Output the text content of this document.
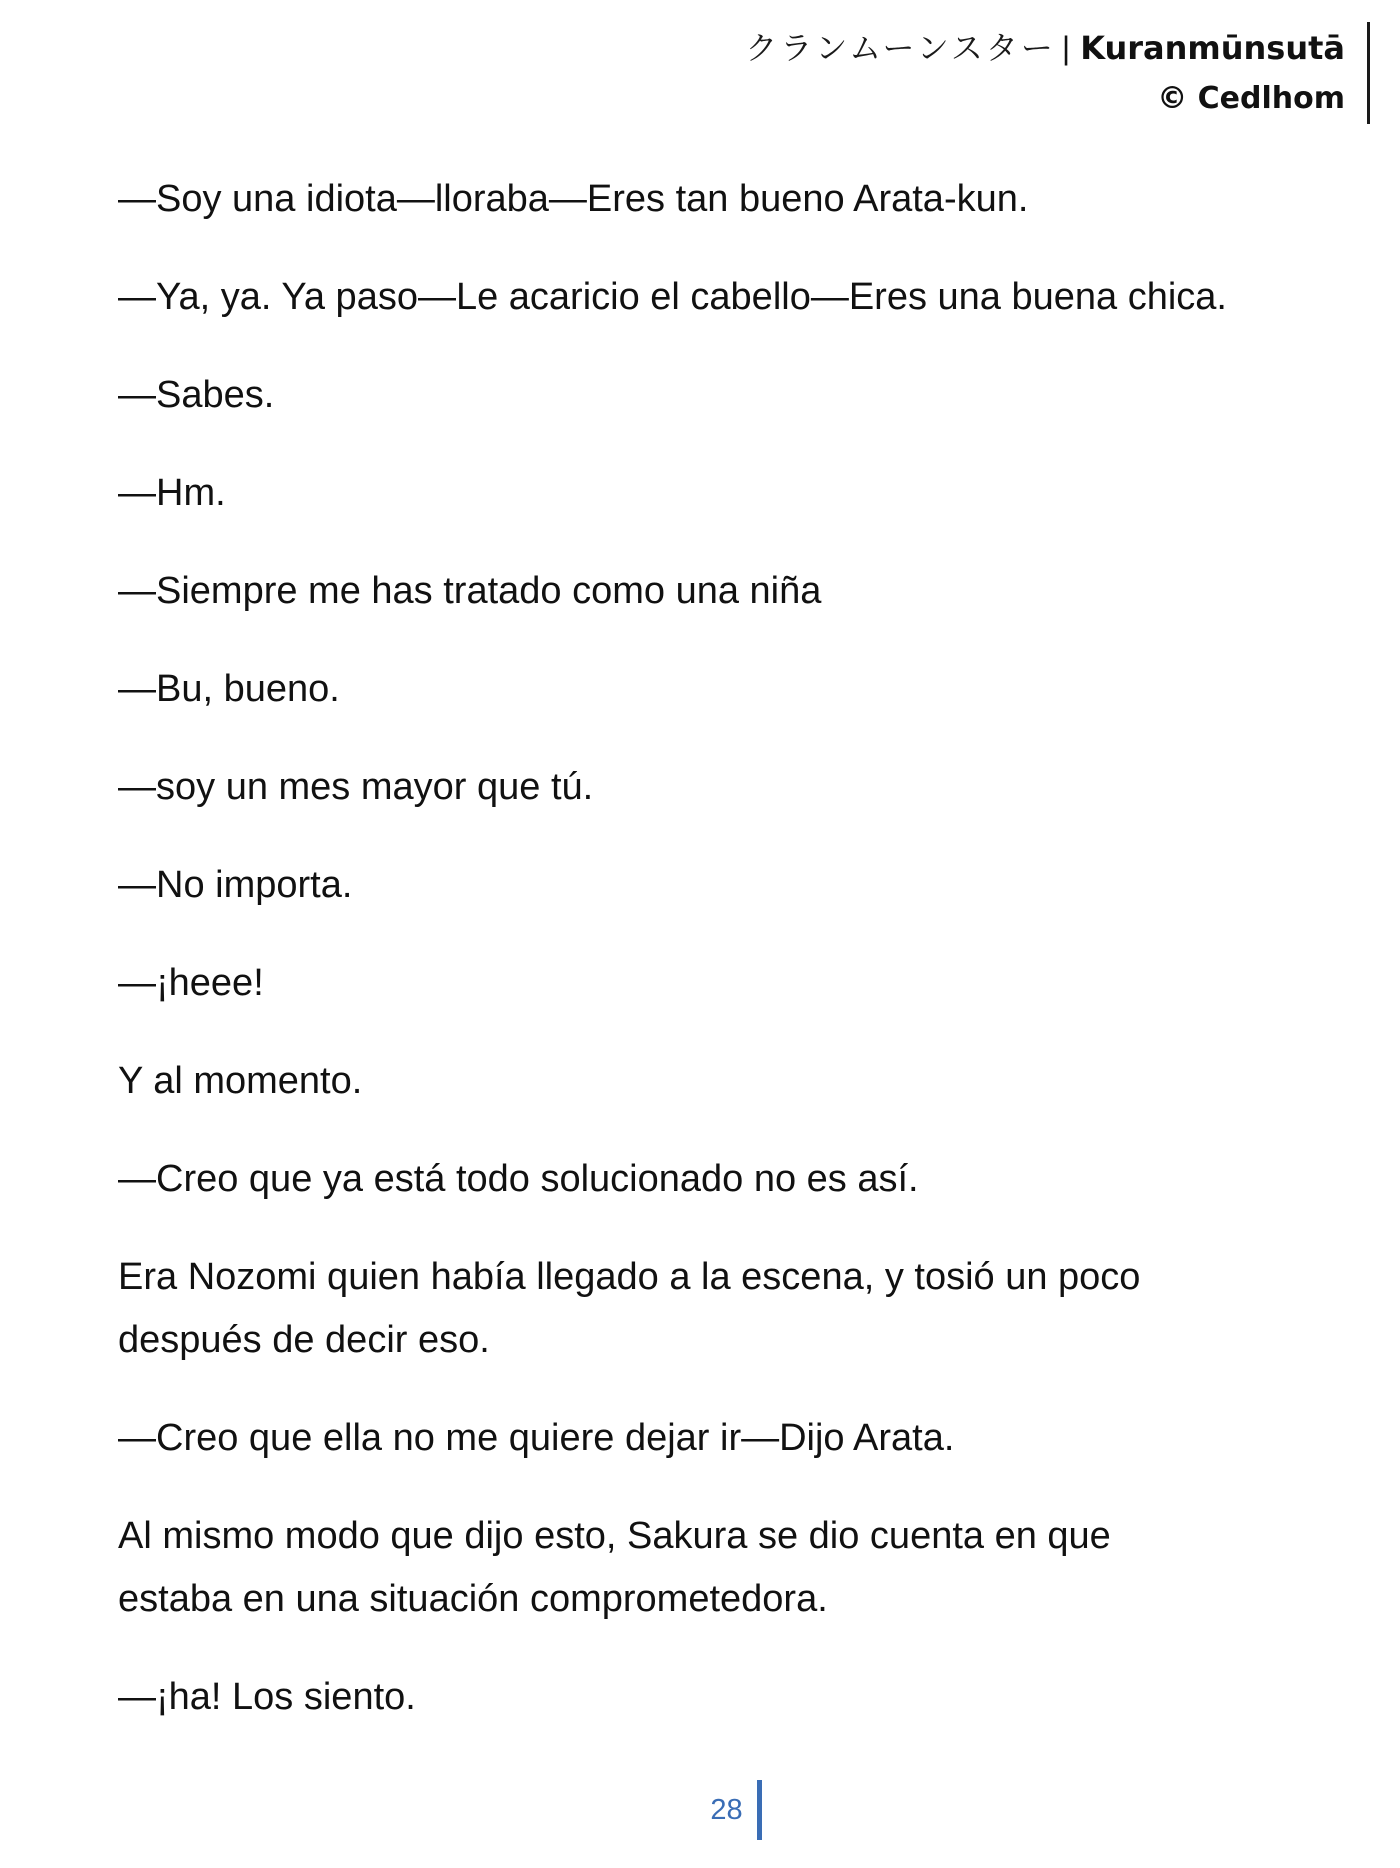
クランムーンスター | Kuranmūnsutā
© Cedlhom

—Soy una idiota—lloraba—Eres tan bueno Arata-kun.

—Ya, ya. Ya paso—Le acaricio el cabello—Eres una buena chica.

—Sabes.

—Hm.

—Siempre me has tratado como una niña

—Bu, bueno.

—soy un mes mayor que tú.

—No importa.

—¡heee!

Y al momento.

—Creo que ya está todo solucionado no es así.

Era Nozomi quien había llegado a la escena, y tosió un poco
después de decir eso.

—Creo que ella no me quiere dejar ir—Dijo Arata.

Al mismo modo que dijo esto, Sakura se dio cuenta en que
estaba en una situación comprometedora.

—¡ha! Los siento.

28
